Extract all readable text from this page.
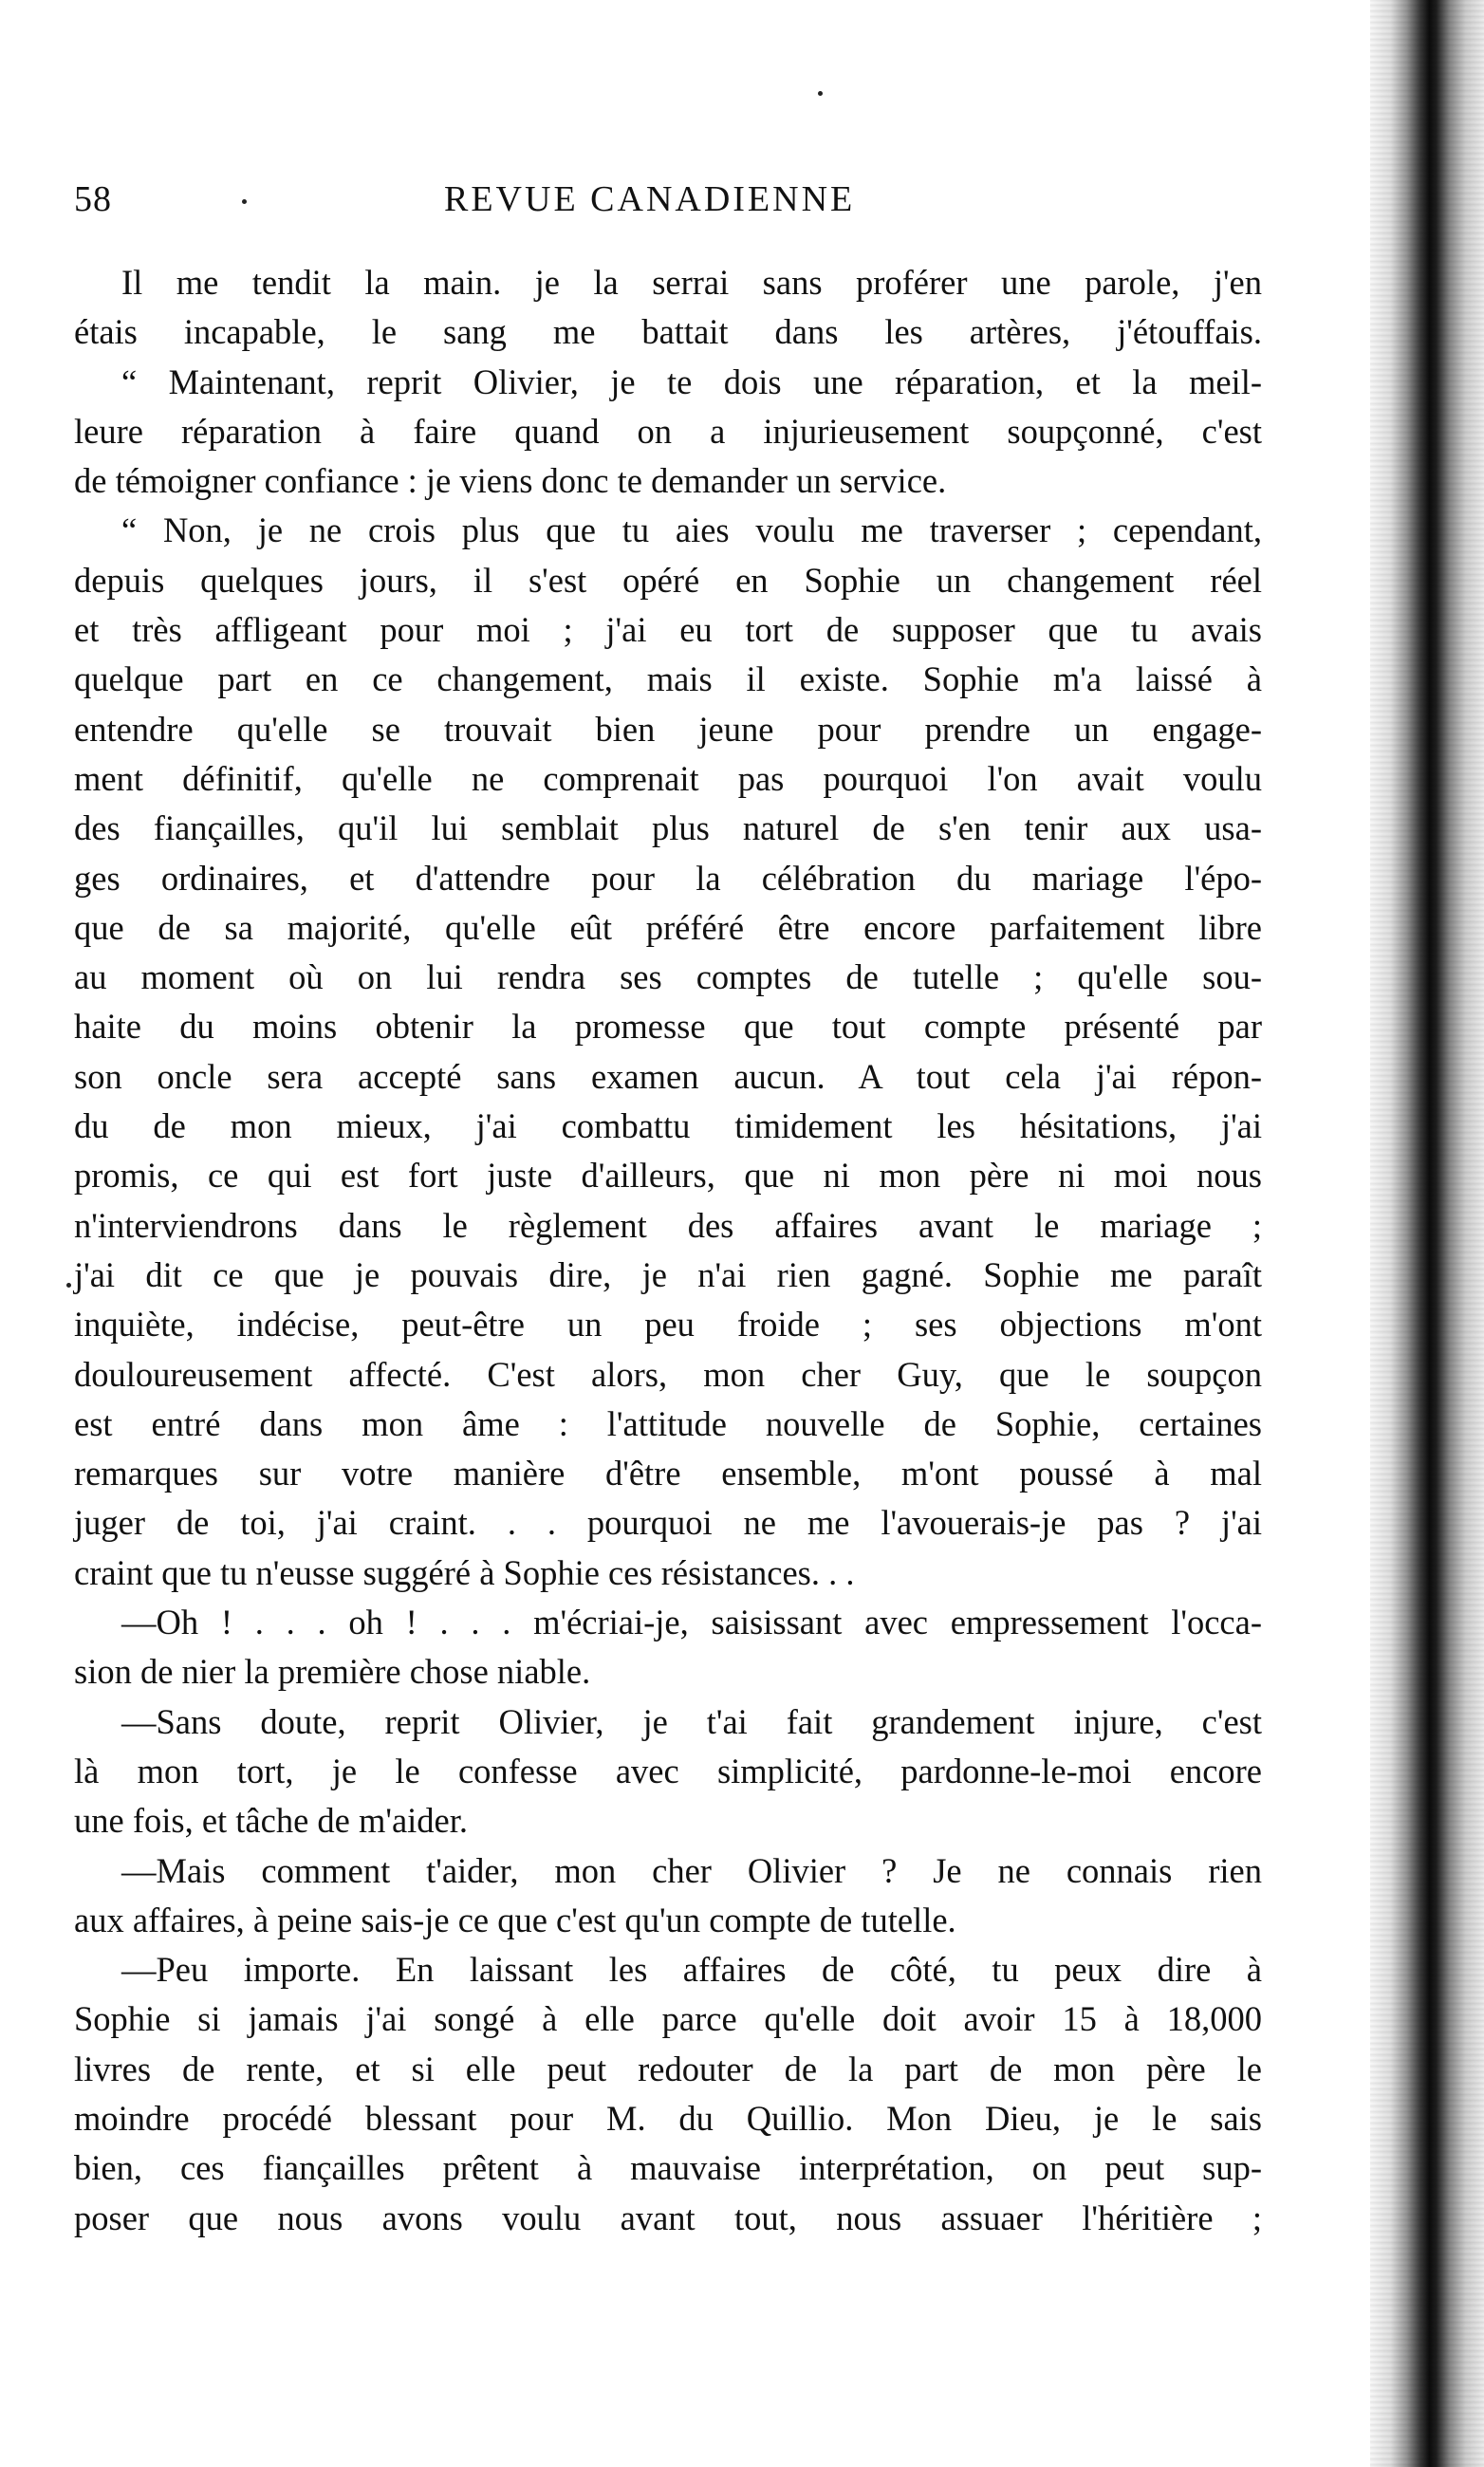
58	REVUE CANADIENNE
Il me tendit la main. je la serrai sans proférer une parole, j'en
étais incapable, le sang me battait dans les artères, j'étouffais.
“ Maintenant, reprit Olivier, je te dois une réparation, et la meil-
leure réparation à faire quand on a injurieusement soupçonné, c'est
de témoigner confiance : je viens donc te demander un service.
“ Non, je ne crois plus que tu aies voulu me traverser ; cependant,
depuis quelques jours, il s'est opéré en Sophie un changement réel
et très affligeant pour moi ; j'ai eu tort de supposer que tu avais
quelque part en ce changement, mais il existe. Sophie m'a laissé à
entendre qu'elle se trouvait bien jeune pour prendre un engage-
ment définitif, qu'elle ne comprenait pas pourquoi l'on avait voulu
des fiançailles, qu'il lui semblait plus naturel de s'en tenir aux usa-
ges ordinaires, et d'attendre pour la célébration du mariage l'épo-
que de sa majorité, qu'elle eût préféré être encore parfaitement libre
au moment où on lui rendra ses comptes de tutelle ; qu'elle sou-
haite du moins obtenir la promesse que tout compte présenté par
son oncle sera accepté sans examen aucun. A tout cela j'ai répon-
du de mon mieux, j'ai combattu timidement les hésitations, j'ai
promis, ce qui est fort juste d'ailleurs, que ni mon père ni moi nous
n'interviendrons dans le règlement des affaires avant le mariage ;
j'ai dit ce que je pouvais dire, je n'ai rien gagné. Sophie me paraît
inquiète, indécise, peut-être un peu froide ; ses objections m'ont
douloureusement affecté. C'est alors, mon cher Guy, que le soupçon
est entré dans mon âme : l'attitude nouvelle de Sophie, certaines
remarques sur votre manière d'être ensemble, m'ont poussé à mal
juger de toi, j'ai craint. . . pourquoi ne me l'avouerais-je pas ? j'ai
craint que tu n'eusse suggéré à Sophie ces résistances. . .
—Oh ! . . . oh ! . . . m'écriai-je, saisissant avec empressement l'occa-
sion de nier la première chose niable.
—Sans doute, reprit Olivier, je t'ai fait grandement injure, c'est
là mon tort, je le confesse avec simplicité, pardonne-le-moi encore
une fois, et tâche de m'aider.
—Mais comment t'aider, mon cher Olivier ? Je ne connais rien
aux affaires, à peine sais-je ce que c'est qu'un compte de tutelle.
—Peu importe. En laissant les affaires de côté, tu peux dire à
Sophie si jamais j'ai songé à elle parce qu'elle doit avoir 15 à 18,000
livres de rente, et si elle peut redouter de la part de mon père le
moindre procédé blessant pour M. du Quillio. Mon Dieu, je le sais
bien, ces fiançailles prêtent à mauvaise interprétation, on peut sup-
poser que nous avons voulu avant tout, nous assuaer l'héritière ;
